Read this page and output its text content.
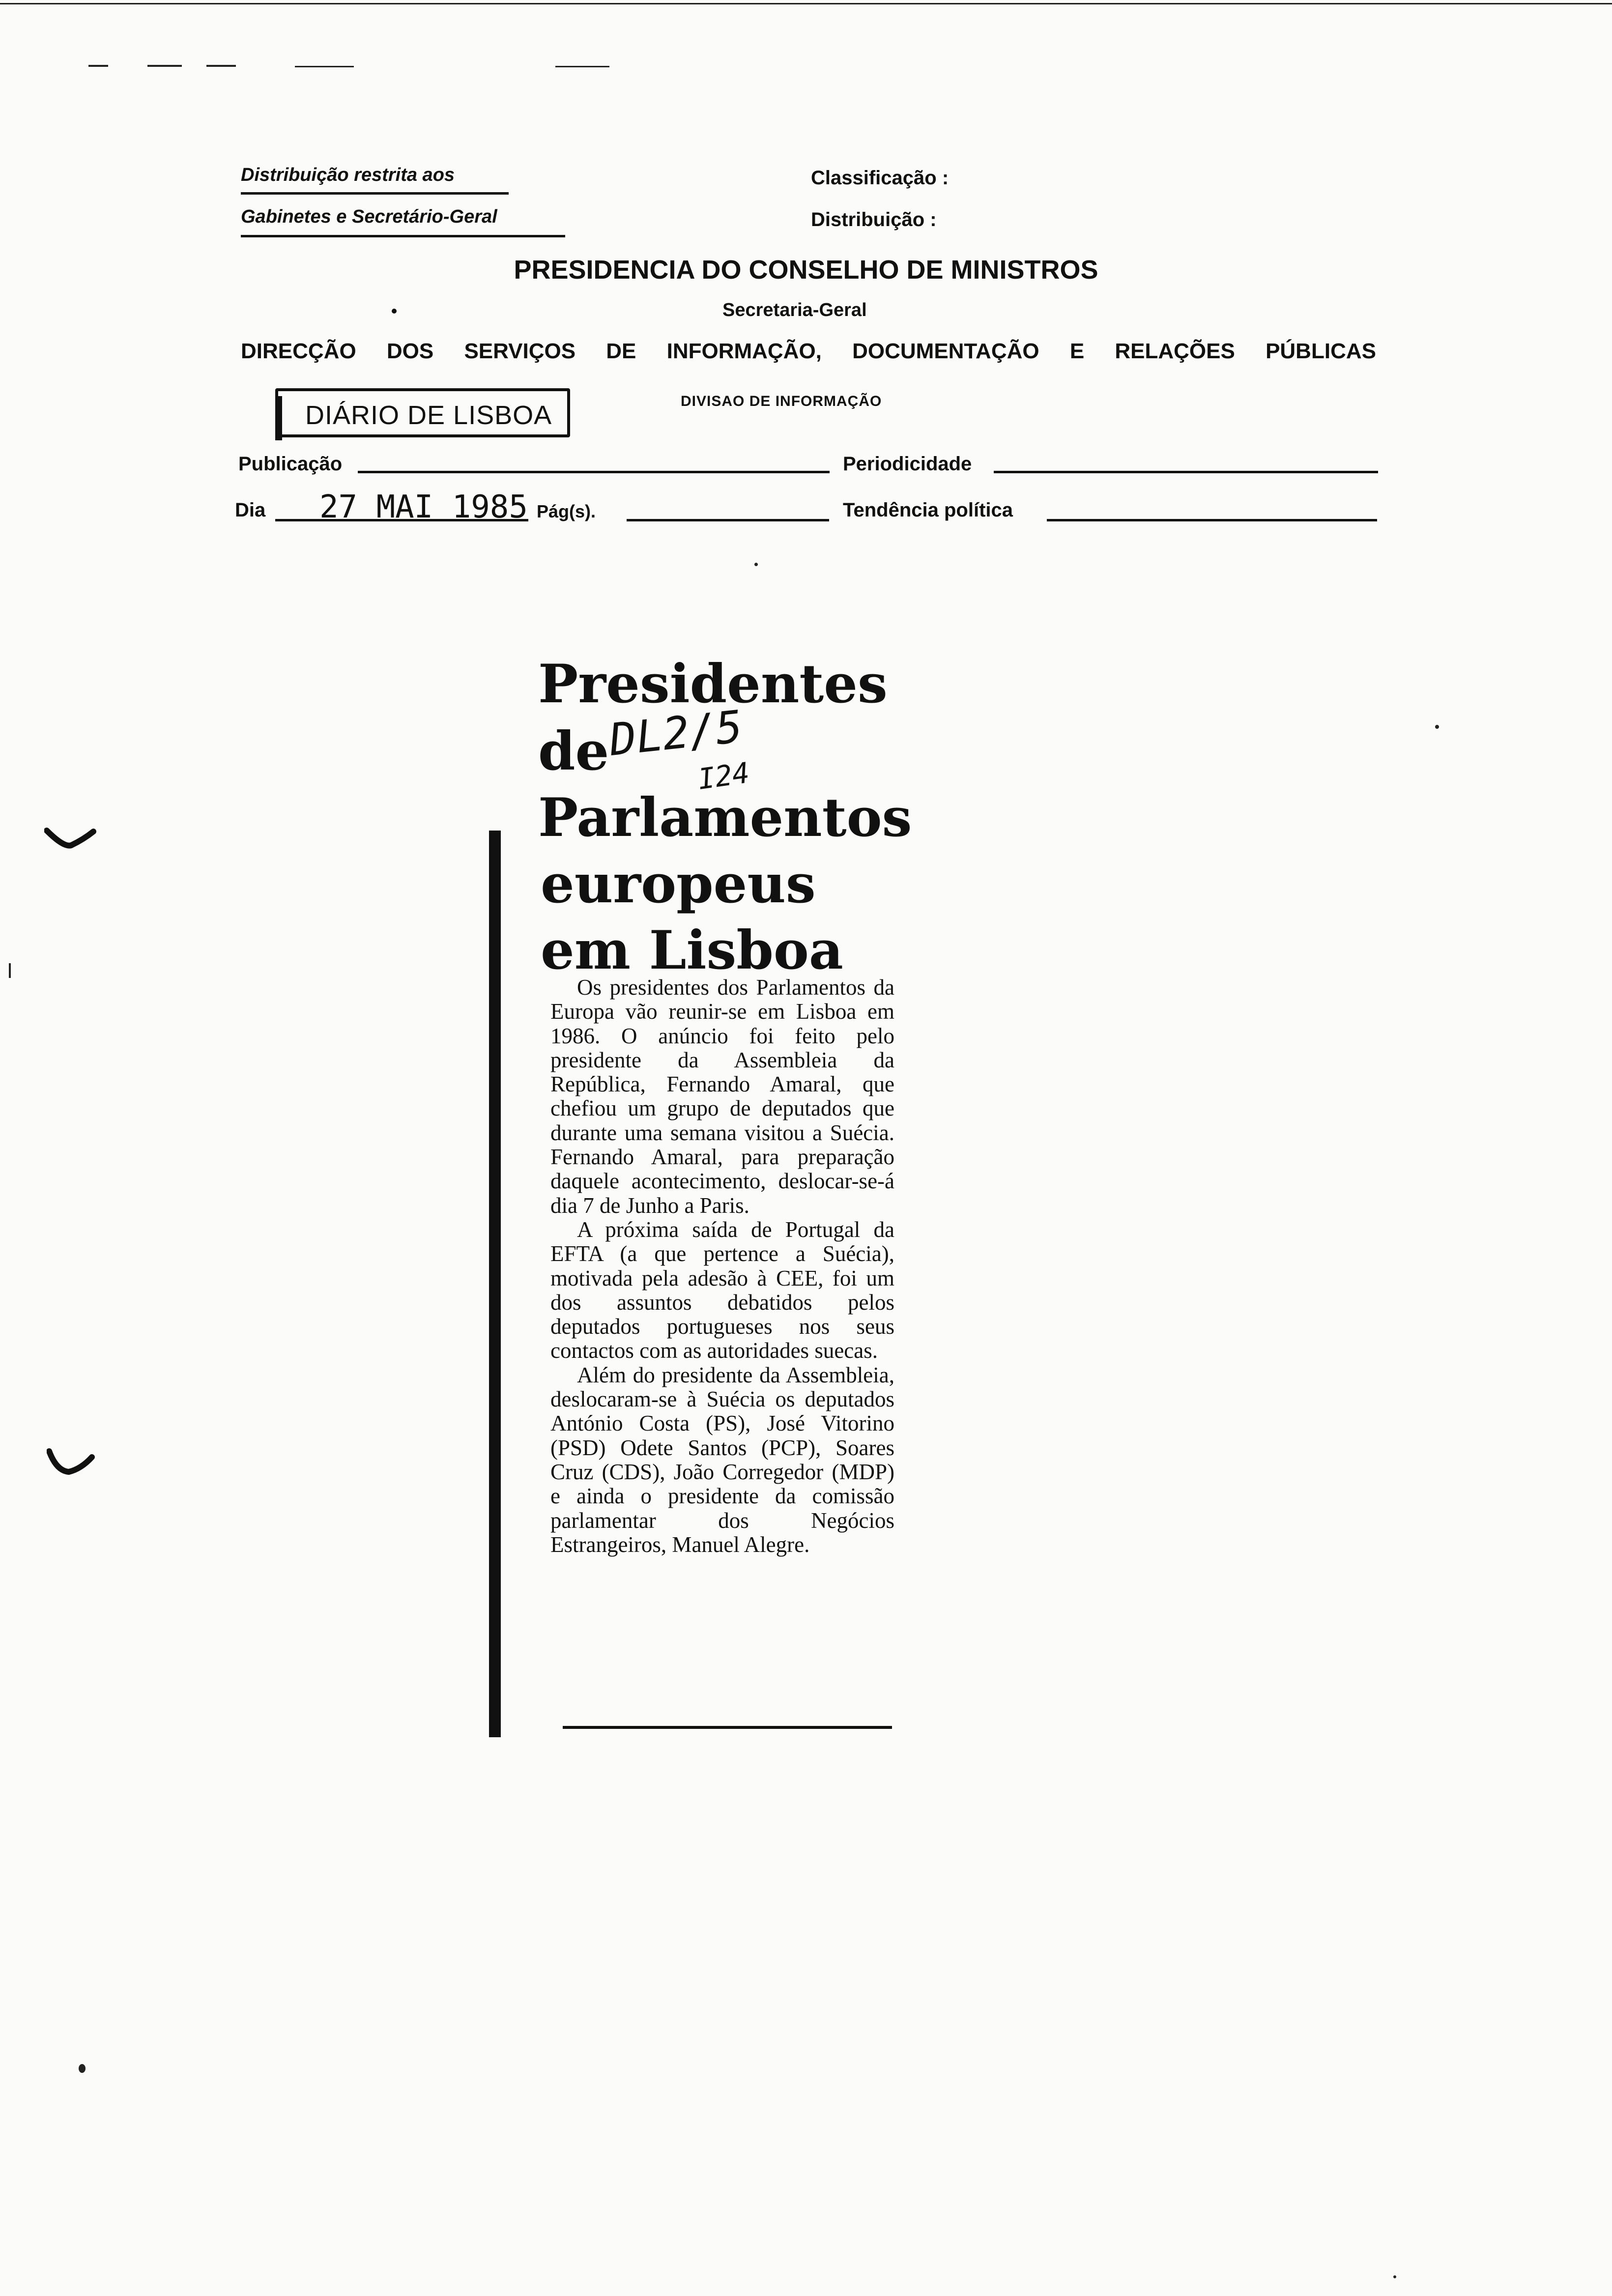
Distribuição restrita aos
Gabinetes e Secretário-Geral
Classificação :
Distribuição :
PRESIDENCIA DO CONSELHO DE MINISTROS
Secretaria-Geral
DIRECÇÃO DOS SERVIÇOS DE INFORMAÇÃO, DOCUMENTAÇÃO E RELAÇÕES PÚBLICAS
DIÁRIO DE LISBOA	DIVISAO DE INFORMAÇÃO
Publicação	Periodicidade
Dia 27 MAI 1985 Pág(s).	Tendência política
Presidentes
de
Parlamentos
europeus
em Lisboa
DL2/5
I24

Os presidentes dos Parlamentos da Europa vão reunir-se em Lisboa em 1986. O anúncio foi feito pelo presidente da Assembleia da República, Fernando Amaral, que chefiou um grupo de deputados que durante uma semana visitou a Suécia. Fernando Amaral, para preparação daquele acontecimento, deslocar-se-á dia 7 de Junho a Paris.

A próxima saída de Portugal da EFTA (a que pertence a Suécia), motivada pela adesão à CEE, foi um dos assuntos debatidos pelos deputados portugueses nos seus contactos com as autoridades suecas.

Além do presidente da Assembleia, deslocaram-se à Suécia os deputados António Costa (PS), José Vitorino (PSD) Odete Santos (PCP), Soares Cruz (CDS), João Corregedor (MDP) e ainda o presidente da comissão parlamentar dos Negócios Estrangeiros, Manuel Alegre.
